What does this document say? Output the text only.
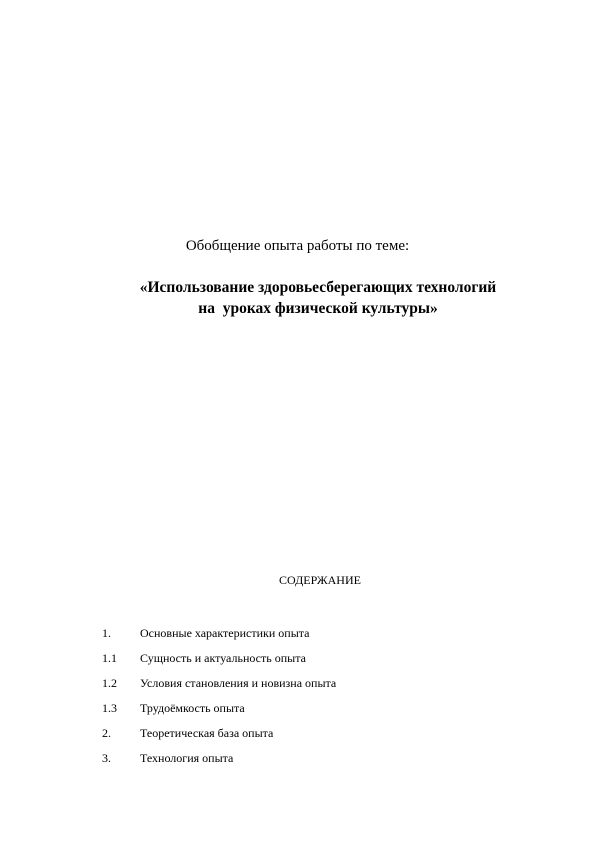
Обобщение опыта работы по теме:
«Использование здоровьесберегающих технологий
на  уроках физической культуры»
СОДЕРЖАНИЕ
1. Основные характеристики опыта
1.1 Сущность и актуальность опыта
1.2 Условия становления и новизна опыта
1.3 Трудоёмкость опыта
2. Теоретическая база опыта
3. Технология опыта
